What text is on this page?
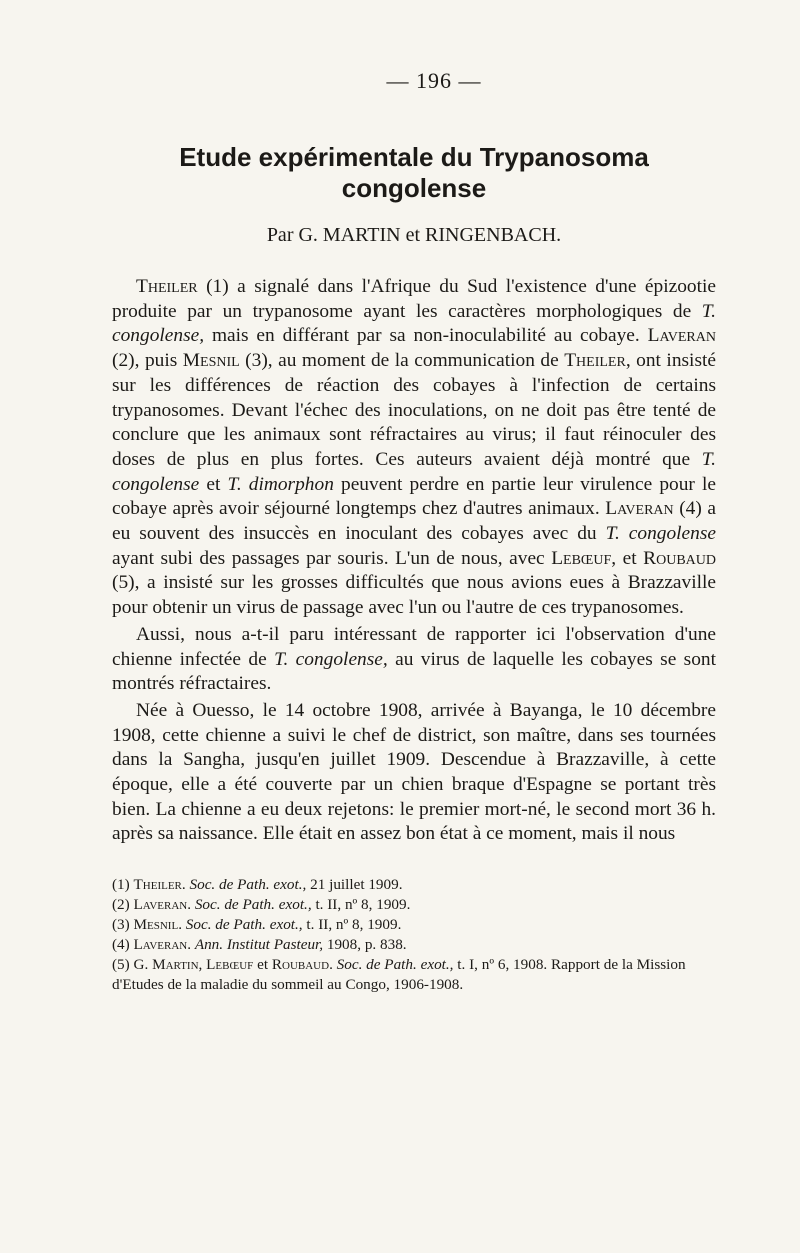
— 196 —
Etude expérimentale du Trypanosoma congolense
Par G. MARTIN et RINGENBACH.

Theiler (1) a signalé dans l'Afrique du Sud l'existence d'une épizootie produite par un trypanosome ayant les caractères morphologiques de T. congolense, mais en différant par sa non-inoculabilité au cobaye. Laveran (2), puis Mesnil (3), au moment de la communication de Theiler, ont insisté sur les différences de réaction des cobayes à l'infection de certains trypanosomes. Devant l'échec des inoculations, on ne doit pas être tenté de conclure que les animaux sont réfractaires au virus; il faut réinoculer des doses de plus en plus fortes. Ces auteurs avaient déjà montré que T. congolense et T. dimorphon peuvent perdre en partie leur virulence pour le cobaye après avoir séjourné longtemps chez d'autres animaux. Laveran (4) a eu souvent des insuccès en inoculant des cobayes avec du T. congolense ayant subi des passages par souris. L'un de nous, avec Lebœuf, et Roubaud (5), a insisté sur les grosses difficultés que nous avions eues à Brazzaville pour obtenir un virus de passage avec l'un ou l'autre de ces trypanosomes.

Aussi, nous a-t-il paru intéressant de rapporter ici l'observation d'une chienne infectée de T. congolense, au virus de laquelle les cobayes se sont montrés réfractaires.

Née à Ouesso, le 14 octobre 1908, arrivée à Bayanga, le 10 décembre 1908, cette chienne a suivi le chef de district, son maître, dans ses tournées dans la Sangha, jusqu'en juillet 1909. Descendue à Brazzaville, à cette époque, elle a été couverte par un chien braque d'Espagne se portant très bien. La chienne a eu deux rejetons: le premier mort-né, le second mort 36 h. après sa naissance. Elle était en assez bon état à ce moment, mais il nous

(1) Theiler. Soc. de Path. exot., 21 juillet 1909.

(2) Laveran. Soc. de Path. exot., t. II, nº 8, 1909.

(3) Mesnil. Soc. de Path. exot., t. II, nº 8, 1909.

(4) Laveran. Ann. Institut Pasteur, 1908, p. 838.

(5) G. Martin, Lebœuf et Roubaud. Soc. de Path. exot., t. I, nº 6, 1908. Rapport de la Mission d'Etudes de la maladie du sommeil au Congo, 1906-1908.
